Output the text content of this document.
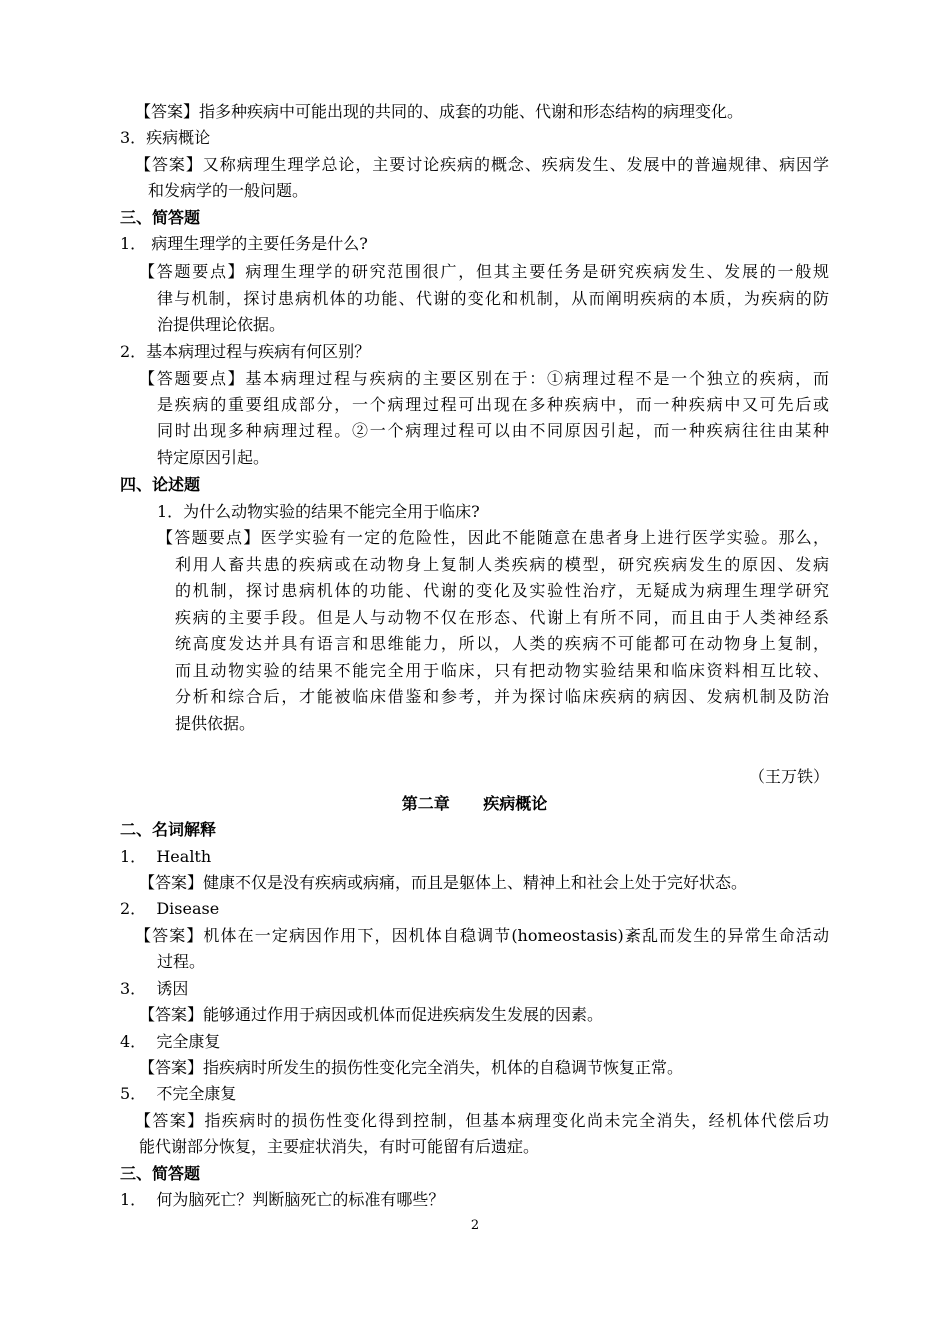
【答案】指多种疾病中可能出现的共同的、成套的功能、代谢和形态结构的病理变化。
3．疾病概论
【答案】又称病理生理学总论，主要讨论疾病的概念、疾病发生、发展中的普遍规律、病因学
和发病学的一般问题。
三、简答题
1． 病理生理学的主要任务是什么?
【答题要点】病理生理学的研究范围很广，但其主要任务是研究疾病发生、发展的一般规
律与机制，探讨患病机体的功能、代谢的变化和机制，从而阐明疾病的本质，为疾病的防
治提供理论依据。
2．基本病理过程与疾病有何区别？
【答题要点】基本病理过程与疾病的主要区别在于：①病理过程不是一个独立的疾病，而
是疾病的重要组成部分，一个病理过程可出现在多种疾病中，而一种疾病中又可先后或
同时出现多种病理过程。②一个病理过程可以由不同原因引起，而一种疾病往往由某种
特定原因引起。
四、论述题
1．为什么动物实验的结果不能完全用于临床?
【答题要点】医学实验有一定的危险性，因此不能随意在患者身上进行医学实验。那么，
利用人畜共患的疾病或在动物身上复制人类疾病的模型，研究疾病发生的原因、发病
的机制，探讨患病机体的功能、代谢的变化及实验性治疗，无疑成为病理生理学研究
疾病的主要手段。但是人与动物不仅在形态、代谢上有所不同，而且由于人类神经系
统高度发达并具有语言和思维能力，所以，人类的疾病不可能都可在动物身上复制，
而且动物实验的结果不能完全用于临床，只有把动物实验结果和临床资料相互比较、
分析和综合后，才能被临床借鉴和参考，并为探讨临床疾病的病因、发病机制及防治
提供依据。
（王万铁）
第二章      疾病概论
二、名词解释
1．  Health
【答案】健康不仅是没有疾病或病痛，而且是躯体上、精神上和社会上处于完好状态。
2．  Disease
【答案】机体在一定病因作用下，因机体自稳调节(homeostasis)紊乱而发生的异常生命活动
过程。
3．  诱因
【答案】能够通过作用于病因或机体而促进疾病发生发展的因素。
4．  完全康复
【答案】指疾病时所发生的损伤性变化完全消失，机体的自稳调节恢复正常。
5．  不完全康复
【答案】指疾病时的损伤性变化得到控制，但基本病理变化尚未完全消失，经机体代偿后功
能代谢部分恢复，主要症状消失，有时可能留有后遗症。
三、简答题
1．  何为脑死亡？判断脑死亡的标准有哪些？
2
